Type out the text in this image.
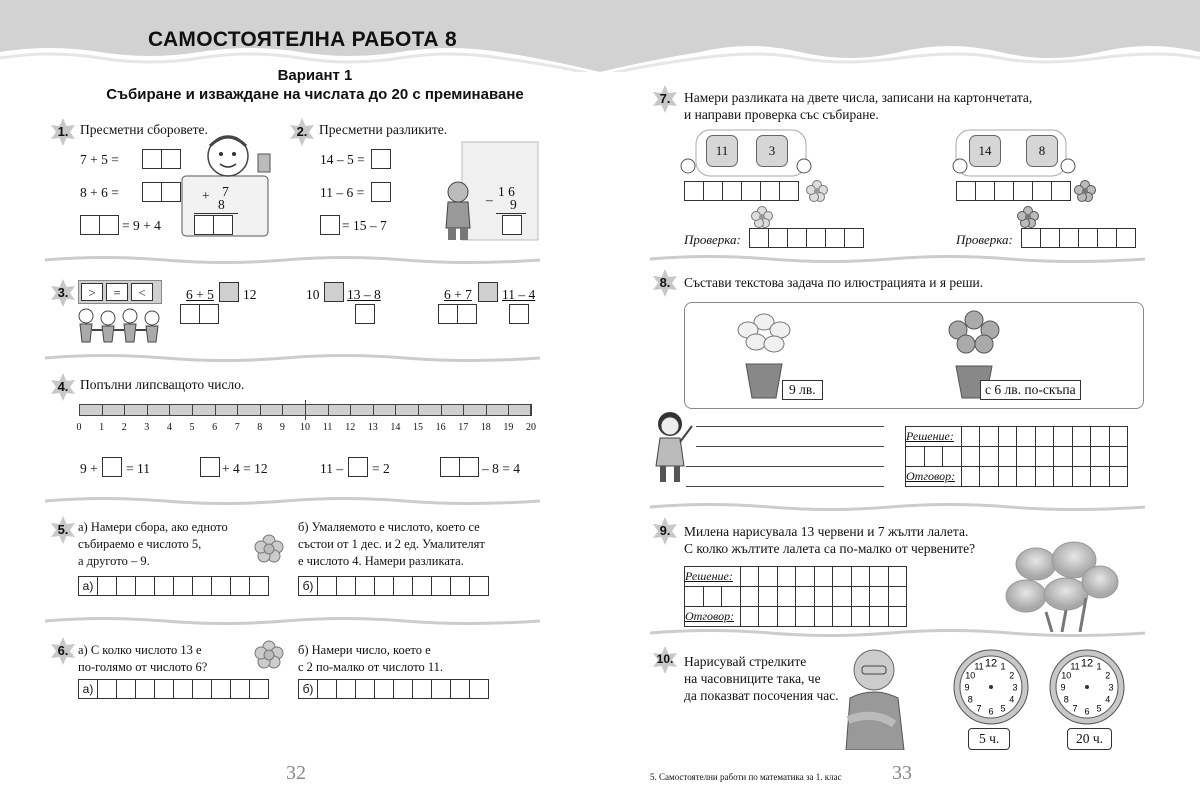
САМОСТОЯТЕЛНА РАБОТА 8
Вариант 1
Събиране и изваждане на числата до 20 с преминаване
1. Пресметни сборовете.
7 + 5 =
8 + 6 =
= 9 + 4
+ 7
8
2. Пресметни разликите.
14 – 5 =
11 – 6 =
= 15 – 7
1 6
– 9
3.	>	=	<	6 + 5 12	10 13 – 8	6 + 7 11 – 4
4. Попълни липсващото число.
0	1	2	3	4	5	6	7	8	9	10	11	12	13	14	15	16	17	18	19	20
9 + = 11	+ 4 = 12	11 – = 2	– 8 = 4
5. а) Намери сбора, ако едното
събираемо е числото 5,
а другото – 9.
б) Умаляемото е числото, което се
състои от 1 дес. и 2 ед. Умалителят
е числото 4. Намери разликата.
а)	б)
6. а) С колко числото 13 е
по-голямо от числото 6?
б) Намери число, което е
с 2 по-малко от числото 11.
а)	б)
32
7.	Намери разликата на двете числа, записани на картончетата,
и направи проверка със събиране.
11	3
Проверка:
14	8
Проверка:
8.	Състави текстова задача по илюстрацията и я реши.
9 лв.	с 6 лв. по-скъпа
Решение:											

Отговор:											
9.	Милена нарисувала 13 червени и 7 жълти лалета.
С колко жълтите лалета са по-малко от червените?
Решение:											

Отговор:											
10. Нарисувай стрелките
на часовниците така, че
да показват посочения час.
12 1
2
3
4
5
6
7
8
9
10
11	12 1
2
3
4
5
6
7
8
9
10
11
5 ч.	20 ч.
5. Самостоятелни работи по математика за 1. клас	33
